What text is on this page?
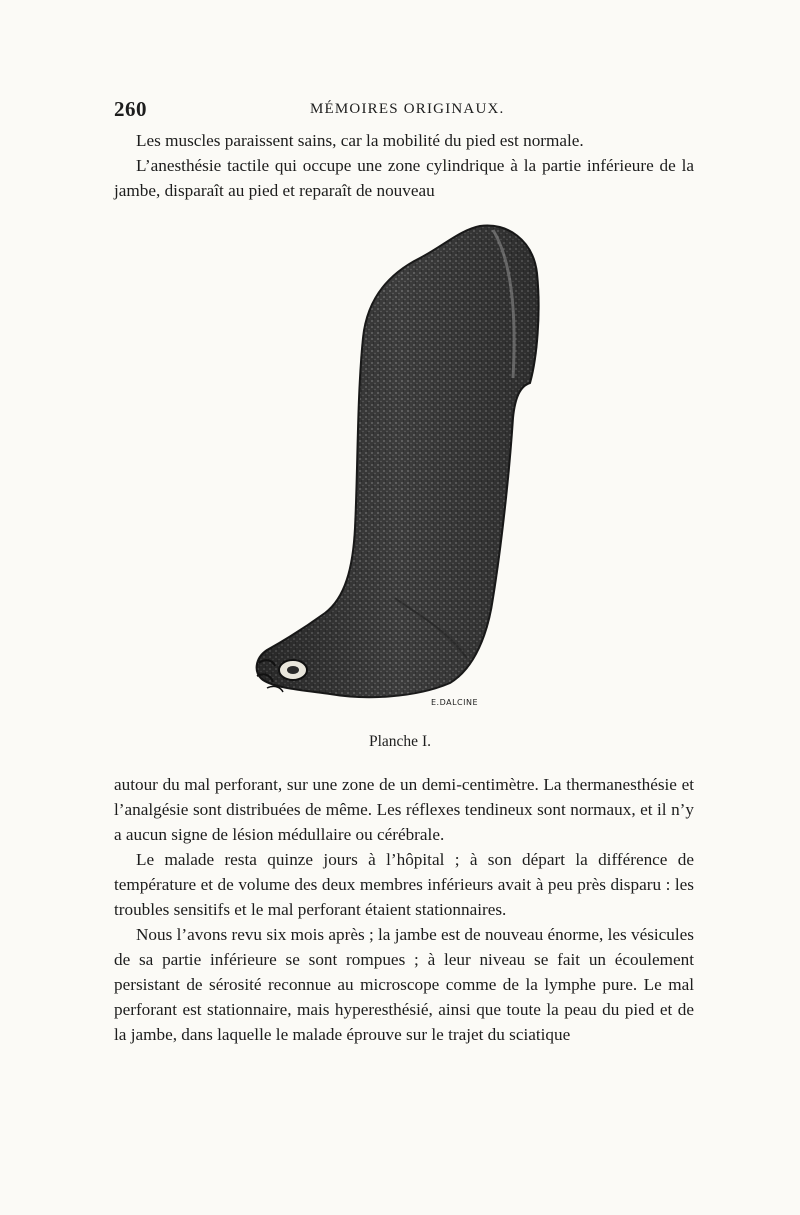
260	MÉMOIRES ORIGINAUX.

Les muscles paraissent sains, car la mobilité du pied est normale.

L’anesthésie tactile qui occupe une zone cylindrique à la partie inférieure de la jambe, disparaît au pied et reparaît de nouveau

E.DALCINE
Planche I.

autour du mal perforant, sur une zone de un demi-centimètre. La thermanesthésie et l’analgésie sont distribuées de même. Les réflexes tendineux sont normaux, et il n’y a aucun signe de lésion médullaire ou cérébrale.

Le malade resta quinze jours à l’hôpital ; à son départ la différence de température et de volume des deux membres inférieurs avait à peu près disparu : les troubles sensitifs et le mal perforant étaient stationnaires.

Nous l’avons revu six mois après ; la jambe est de nouveau énorme, les vésicules de sa partie inférieure se sont rompues ; à leur niveau se fait un écoulement persistant de sérosité reconnue au microscope comme de la lymphe pure. Le mal perforant est stationnaire, mais hyperesthésié, ainsi que toute la peau du pied et de la jambe, dans laquelle le malade éprouve sur le trajet du sciatique
